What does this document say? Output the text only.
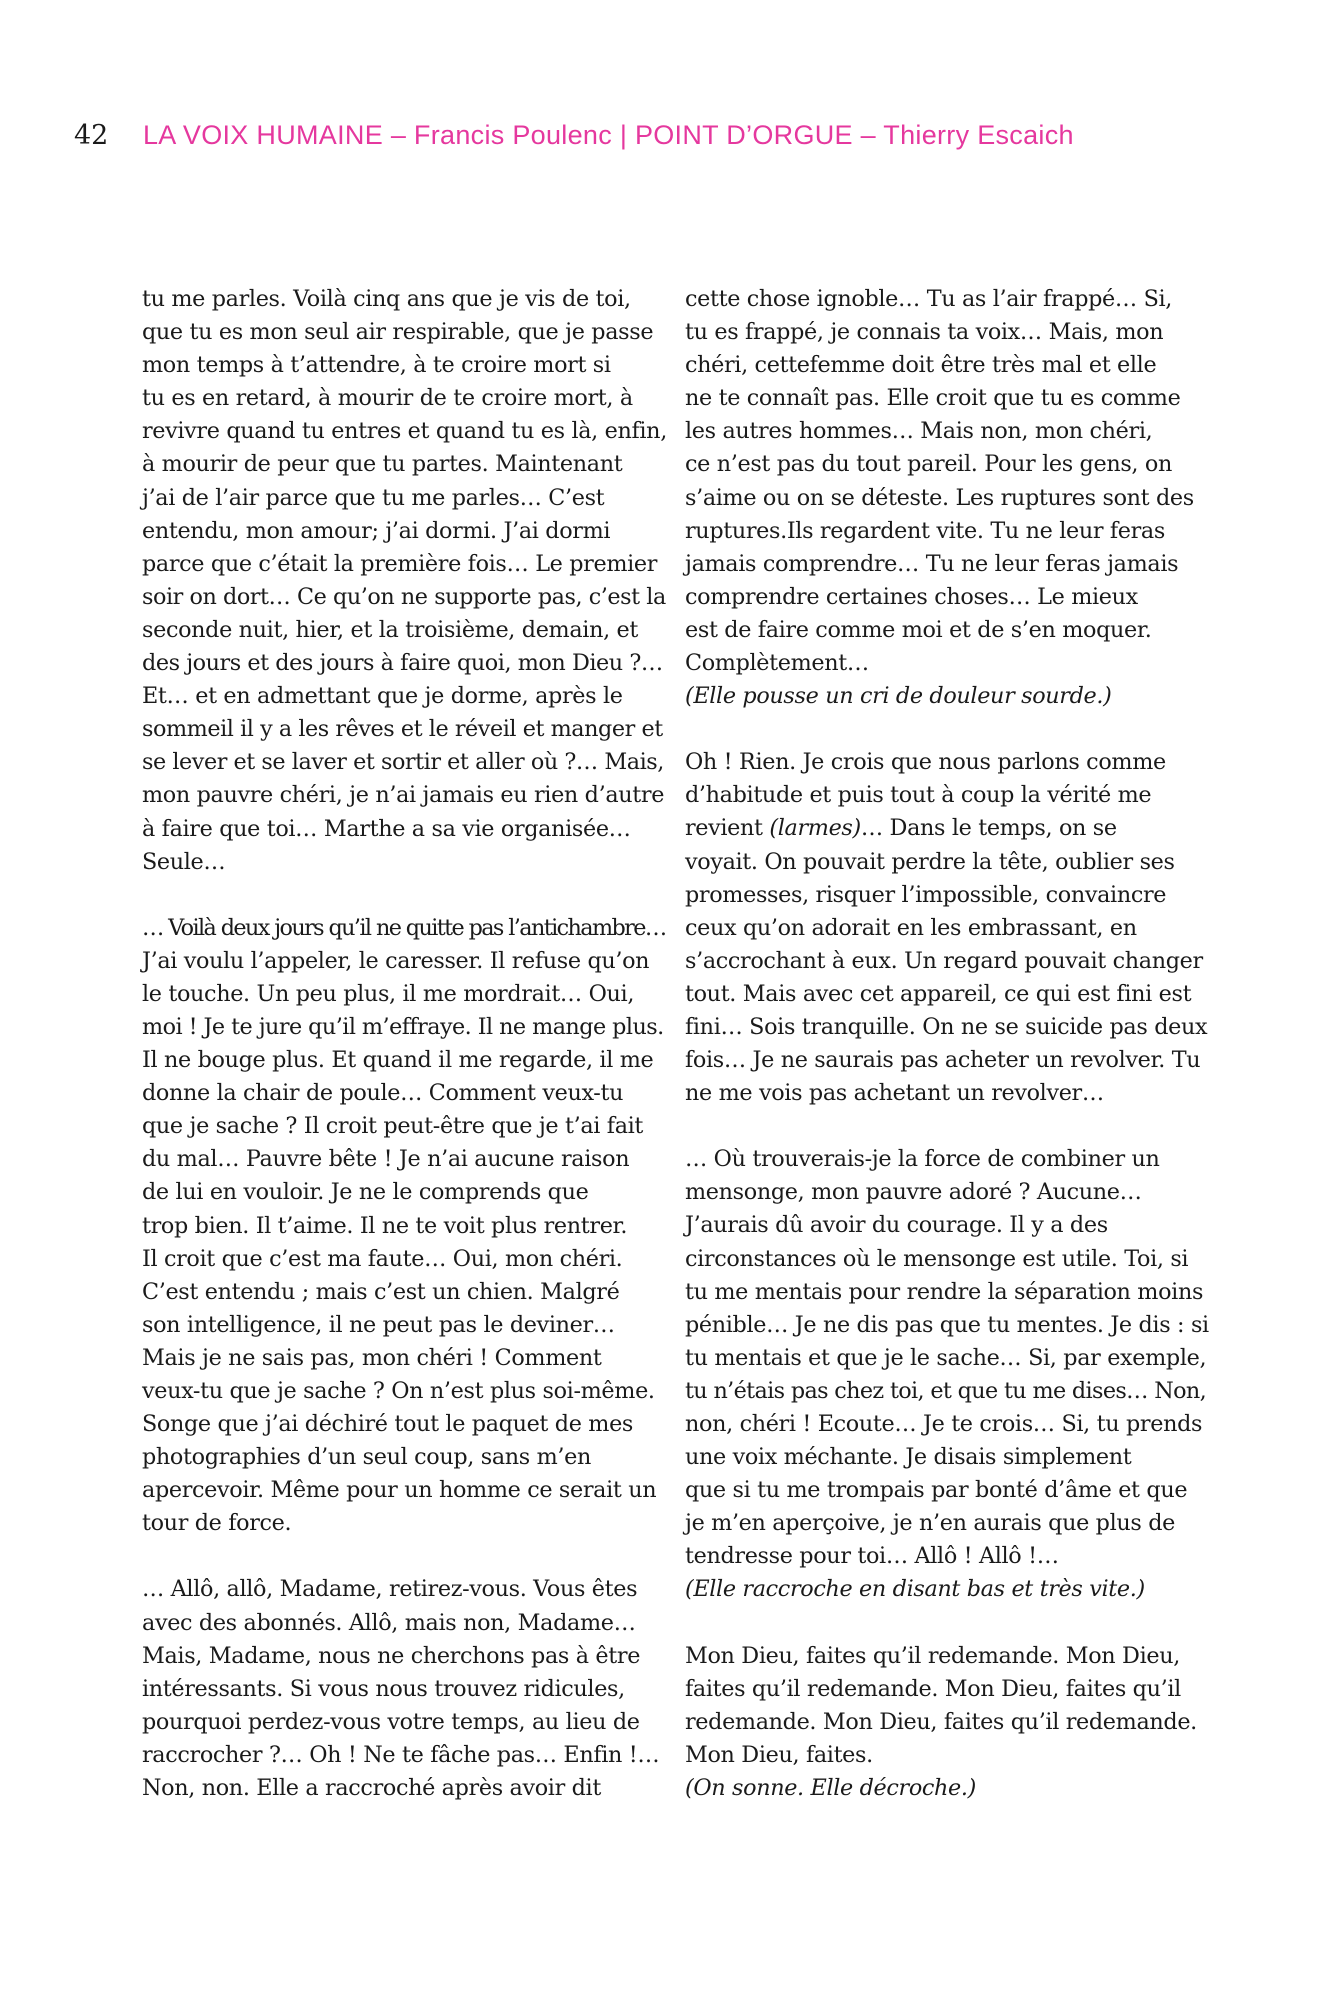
42 LA VOIX HUMAINE – Francis Poulenc | POINT D’ORGUE – Thierry Escaich
tu me parles. Voilà cinq ans que je vis de toi,
que tu es mon seul air respirable, que je passe
mon temps à t’attendre, à te croire mort si
tu es en retard, à mourir de te croire mort, à
revivre quand tu entres et quand tu es là, enfin,
à mourir de peur que tu partes. Maintenant
j’ai de l’air parce que tu me parles… C’est
entendu, mon amour; j’ai dormi. J’ai dormi
parce que c’était la première fois… Le premier
soir on dort… Ce qu’on ne supporte pas, c’est la
seconde nuit, hier, et la troisième, demain, et
des jours et des jours à faire quoi, mon Dieu ?…
Et… et en admettant que je dorme, après le
sommeil il y a les rêves et le réveil et manger et
se lever et se laver et sortir et aller où ?… Mais,
mon pauvre chéri, je n’ai jamais eu rien d’autre
à faire que toi… Marthe a sa vie organisée…
Seule…
… Voilà deux jours qu’il ne quitte pas l’antichambre…
J’ai voulu l’appeler, le caresser. Il refuse qu’on
le touche. Un peu plus, il me mordrait… Oui,
moi ! Je te jure qu’il m’effraye. Il ne mange plus.
Il ne bouge plus. Et quand il me regarde, il me
donne la chair de poule… Comment veux-tu
que je sache ? Il croit peut-être que je t’ai fait
du mal… Pauvre bête ! Je n’ai aucune raison
de lui en vouloir. Je ne le comprends que
trop bien. Il t’aime. Il ne te voit plus rentrer.
Il croit que c’est ma faute… Oui, mon chéri.
C’est entendu ; mais c’est un chien. Malgré
son intelligence, il ne peut pas le deviner…
Mais je ne sais pas, mon chéri ! Comment
veux-tu que je sache ? On n’est plus soi-même.
Songe que j’ai déchiré tout le paquet de mes
photographies d’un seul coup, sans m’en
apercevoir. Même pour un homme ce serait un
tour de force.
… Allô, allô, Madame, retirez-vous. Vous êtes
avec des abonnés. Allô, mais non, Madame…
Mais, Madame, nous ne cherchons pas à être
intéressants. Si vous nous trouvez ridicules,
pourquoi perdez-vous votre temps, au lieu de
raccrocher ?… Oh ! Ne te fâche pas… Enfin !…
Non, non. Elle a raccroché après avoir dit
cette chose ignoble… Tu as l’air frappé… Si,
tu es frappé, je connais ta voix… Mais, mon
chéri, cettefemme doit être très mal et elle
ne te connaît pas. Elle croit que tu es comme
les autres hommes… Mais non, mon chéri,
ce n’est pas du tout pareil. Pour les gens, on
s’aime ou on se déteste. Les ruptures sont des
ruptures.Ils regardent vite. Tu ne leur feras
jamais comprendre… Tu ne leur feras jamais
comprendre certaines choses… Le mieux
est de faire comme moi et de s’en moquer.
Complètement…
(Elle pousse un cri de douleur sourde.)
Oh ! Rien. Je crois que nous parlons comme
d’habitude et puis tout à coup la vérité me
revient (larmes)… Dans le temps, on se
voyait. On pouvait perdre la tête, oublier ses
promesses, risquer l’impossible, convaincre
ceux qu’on adorait en les embrassant, en
s’accrochant à eux. Un regard pouvait changer
tout. Mais avec cet appareil, ce qui est fini est
fini… Sois tranquille. On ne se suicide pas deux
fois… Je ne saurais pas acheter un revolver. Tu
ne me vois pas achetant un revolver…
… Où trouverais-je la force de combiner un
mensonge, mon pauvre adoré ? Aucune…
J’aurais dû avoir du courage. Il y a des
circonstances où le mensonge est utile. Toi, si
tu me mentais pour rendre la séparation moins
pénible… Je ne dis pas que tu mentes. Je dis : si
tu mentais et que je le sache… Si, par exemple,
tu n’étais pas chez toi, et que tu me dises… Non,
non, chéri ! Ecoute… Je te crois… Si, tu prends
une voix méchante. Je disais simplement
que si tu me trompais par bonté d’âme et que
je m’en aperçoive, je n’en aurais que plus de
tendresse pour toi… Allô ! Allô !…
(Elle raccroche en disant bas et très vite.)
Mon Dieu, faites qu’il redemande. Mon Dieu,
faites qu’il redemande. Mon Dieu, faites qu’il
redemande. Mon Dieu, faites qu’il redemande.
Mon Dieu, faites.
(On sonne. Elle décroche.)
